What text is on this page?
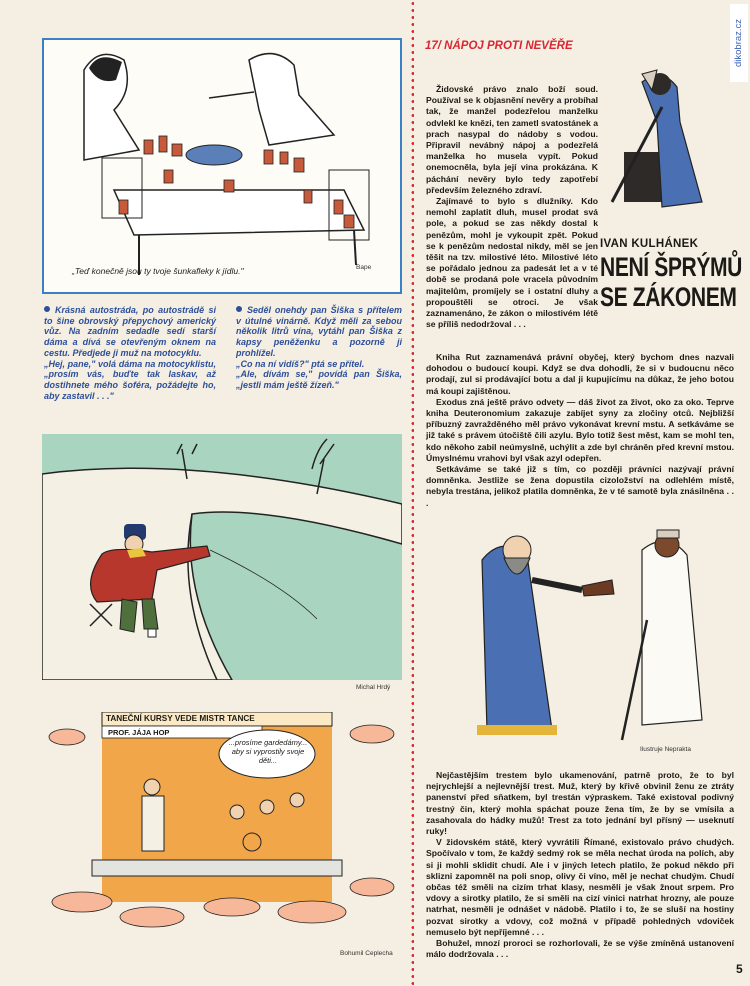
dikobraz.cz
„Teď konečně jsou ty tvoje šunkafleky k jídlu."	Bape

Krásná autostráda, po autostrádě si to šine obrovský přepychový americký vůz. Na zadním sedadle sedí starší dáma a dívá se otevřeným oknem na cestu. Předjede ji muž na motocyklu.
„Hej, pane," volá dáma na motocyklistu, „prosím vás, buďte tak laskav, až dostihnete mého šoféra, požádejte ho, aby zastavil . . ."

Seděl onehdy pan Šiška s přítelem v útulné vinárně. Když měli za sebou několik litrů vína, vytáhl pan Šiška z kapsy peněženku a pozorně ji prohlížel.
„Co na ní vidíš?" ptá se přítel.
„Ale, dívám se," povídá pan Šiška, „jestli mám ještě žízeň."

Michal Hrdý
TANEČNÍ KURSY VEDE MISTR TANCE
PROF. JÁJA HOP
...prosíme gardedámy... aby si vyprostily svoje děti...
Bohumil Ceplecha
17/ NÁPOJ PROTI NEVĚŘE

Židovské právo znalo boží soud. Používal se k objasnění nevěry a probíhal tak, že manžel podezřelou manželku odvlekl ke knězi, ten zametl svatostánek a prach nasypal do nádoby s vodou. Připravil nevábný nápoj a podezřelá manželka ho musela vypít. Pokud onemocněla, byla její vina prokázána. K páchání nevěry bylo tedy zapotřebí především železného zdraví.

Zajímavé to bylo s dlužníky. Kdo nemohl zaplatit dluh, musel prodat svá pole, a pokud se zas někdy dostal k penězům, mohl je vykoupit zpět. Pokud se k penězům nedostal nikdy, měl se jen těšit na tzv. milostivé léto. Milostivé léto se pořádalo jednou za padesát let a v té době se prodaná pole vracela původním majitelům, promíjely se i ostatní dluhy a propouštěli se otroci. Je však zaznamenáno, že zákon o milostivém létě se příliš nedodržoval . . .

IVAN KULHÁNEK
NENÍ ŠPRÝMŮ
SE ZÁKONEM

Kniha Rut zaznamenává právní obyčej, který bychom dnes nazvali dohodou o budoucí koupi. Když se dva dohodli, že si v budoucnu něco prodají, zul si prodávající botu a dal ji kupujícímu na důkaz, že jeho botou má koupi zajištěnou.

Exodus zná ještě právo odvety — dáš život za život, oko za oko. Teprve kniha Deuteronomium zakazuje zabíjet syny za zločiny otců. Nejbližší příbuzný zavražděného měl právo vykonávat krevní mstu. A setkáváme se již také s právem útočiště čili azylu. Bylo totiž šest měst, kam se mohl ten, kdo někoho zabil neúmyslně, uchýlit a zde byl chráněn před krevní mstou. Úmyslnému vrahovi byl však azyl odepřen.

Setkáváme se také již s tím, co později právníci nazývají právní domněnka. Jestliže se žena dopustila cizoložství na odlehlém místě, nebyla trestána, jelikož platila domněnka, že v té samotě byla znásilněna . . .

Ilustruje Neprakta

Nejčastějším trestem bylo ukamenování, patrně proto, že to byl nejrychlejší a nejlevnější trest. Muž, který by křivě obvinil ženu ze ztráty panenství před sňatkem, byl trestán výpraskem. Také existoval podivný trestný čin, který mohla spáchat pouze žena tím, že by se vmísila a zasahovala do hádky mužů! Trest za toto jednání byl přísný — useknutí ruky!

V židovském státě, který vyvrátili Římané, existovalo právo chudých. Spočívalo v tom, že každý sedmý rok se měla nechat úroda na polích, aby si ji mohli sklidit chudí. Ale i v jiných letech platilo, že pokud někdo při sklizni zapomněl na poli snop, olivy či víno, měl je nechat chudým. Chudí občas též směli na cizím trhat klasy, nesměli je však žnout srpem. Pro vdovy a sirotky platilo, že si směli na cizí vinici natrhat hrozny, ale pouze natrhat, nesměli je odnášet v nádobě. Platilo i to, že se sluší na hostiny pozvat sirotky a vdovy, což možná v případě pohledných vdoviček nemuselo být nepříjemné . . .

Bohužel, mnozí proroci se rozhorlovali, že se výše zmíněná ustanovení málo dodržovala . . .

5
